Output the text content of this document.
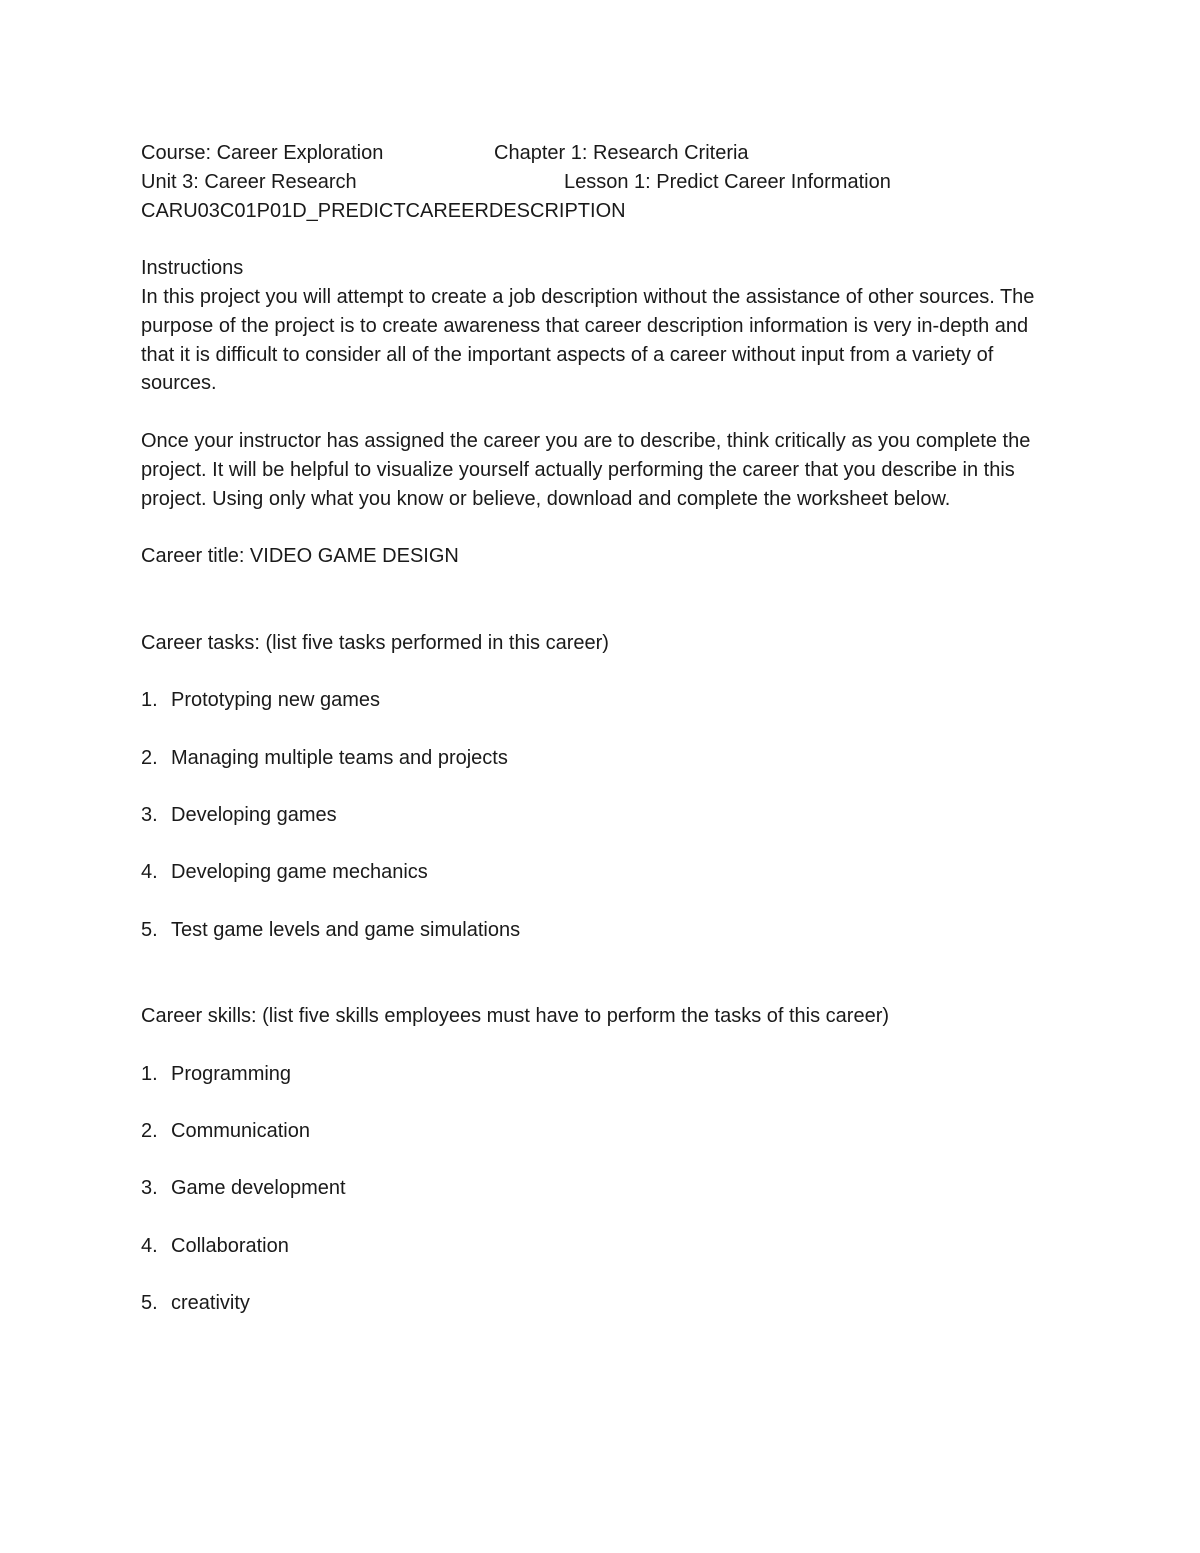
Course: Career Exploration	Chapter 1: Research Criteria
Unit 3: Career Research	Lesson 1: Predict Career Information
CARU03C01P01D_PREDICTCAREERDESCRIPTION
Instructions

In this project you will attempt to create a job description without the assistance of other sources. The purpose of the project is to create awareness that career description information is very in-depth and that it is difficult to consider all of the important aspects of a career without input from a variety of sources.

Once your instructor has assigned the career you are to describe, think critically as you complete the project. It will be helpful to visualize yourself actually performing the career that you describe in this project. Using only what you know or believe, download and complete the worksheet below.

Career title: VIDEO GAME DESIGN
Career tasks: (list five tasks performed in this career)
1. Prototyping new games
2. Managing multiple teams and projects
3. Developing games
4. Developing game mechanics
5. Test game levels and game simulations
Career skills: (list five skills employees must have to perform the tasks of this career)
1. Programming
2. Communication
3. Game development
4. Collaboration
5. creativity
